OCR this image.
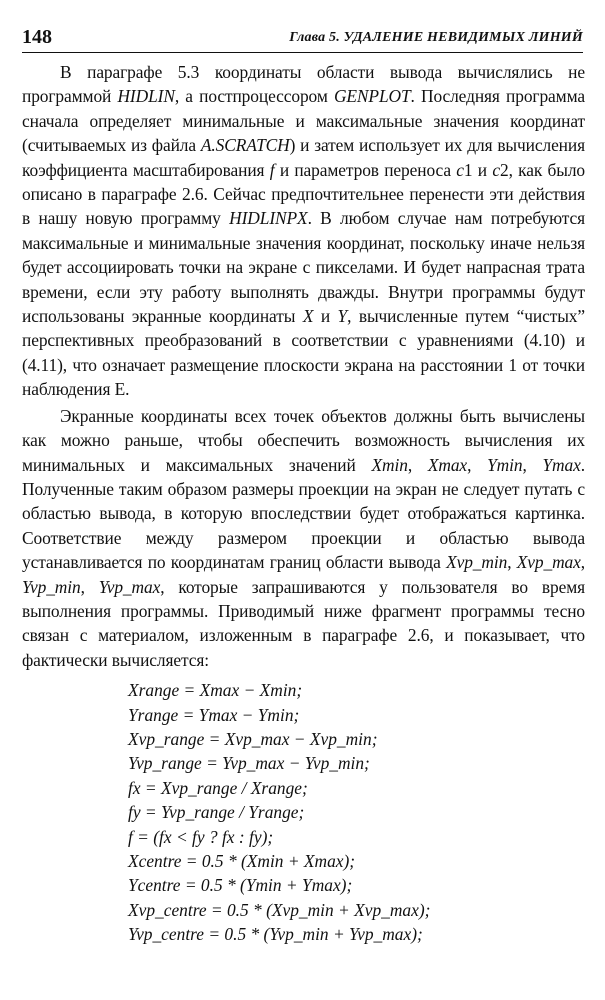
148	Глава 5. УДАЛЕНИЕ НЕВИДИМЫХ ЛИНИЙ

В параграфе 5.3 координаты области вывода вычислялись не программой HIDLIN, а постпроцессором GENPLOT. Последняя программа сначала определяет минимальные и максимальные значения координат (считываемых из файла A.SCRATCH) и затем использует их для вычисления коэффициента масштабирования f и параметров переноса c1 и c2, как было описано в параграфе 2.6. Сейчас предпочтительнее перенести эти действия в нашу новую программу HIDLINPX. В любом случае нам потребуются максимальные и минимальные значения координат, поскольку иначе нельзя будет ассоциировать точки на экране с пикселами. И будет напрасная трата времени, если эту работу выполнять дважды. Внутри программы будут использованы экранные координаты X и Y, вычисленные путем “чистых” перспективных преобразований в соответствии с уравнениями (4.10) и (4.11), что означает размещение плоскости экрана на расстоянии 1 от точки наблюдения E.

Экранные координаты всех точек объектов должны быть вычислены как можно раньше, чтобы обеспечить возможность вычисления их минимальных и максимальных значений Xmin, Xmax, Ymin, Ymax. Полученные таким образом размеры проекции на экран не следует путать с областью вывода, в которую впоследствии будет отображаться картинка. Соответствие между размером проекции и областью вывода устанавливается по координатам границ области вывода Xvp_min, Xvp_max, Yvp_min, Yvp_max, которые запрашиваются у пользователя во время выполнения программы. Приводимый ниже фрагмент программы тесно связан с материалом, изложенным в параграфе 2.6, и показывает, что фактически вычисляется:

Xrange = Xmax − Xmin;
Yrange = Ymax − Ymin;
Xvp_range = Xvp_max − Xvp_min;
Yvp_range = Yvp_max − Yvp_min;
fx = Xvp_range / Xrange;
fy = Yvp_range / Yrange;
f = (fx < fy ? fx : fy);
Xcentre = 0.5 * (Xmin + Xmax);
Ycentre = 0.5 * (Ymin + Ymax);
Xvp_centre = 0.5 * (Xvp_min + Xvp_max);
Yvp_centre = 0.5 * (Yvp_min + Yvp_max);
